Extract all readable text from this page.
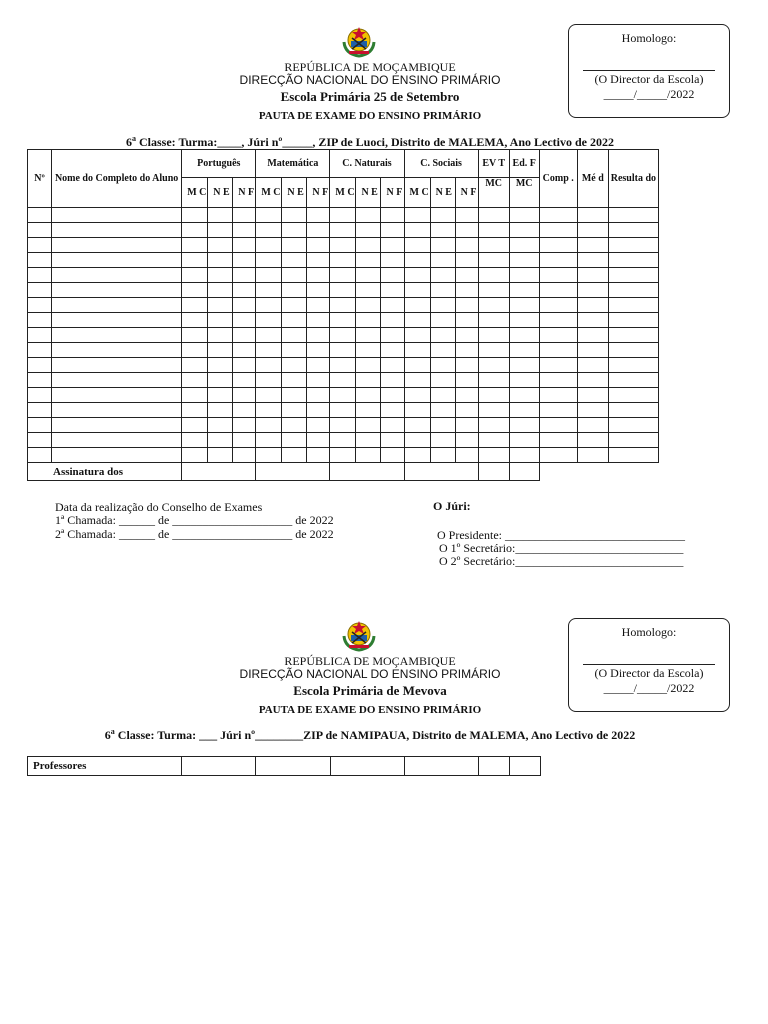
REPÚBLICA DE MOÇAMBIQUE
DIRECÇÃO NACIONAL DO ENSINO PRIMÁRIO
Escola Primária 25 de Setembro
PAUTA DE EXAME DO ENSINO PRIMÁRIO
6$^a$ Classe: Turma:____, Júri nº_____, ZIP de Luoci, Distrito de MALEMA, Ano Lectivo de 2022
Homologo:
(O Director da Escola)
_____/_____/2022
Nº	Nome do Completo do Aluno	Português			Matemática			C. Naturais			C. Sociais			EV T	Ed. F	Comp .	Mé d	Resulta do
		M C	N E	N F	M C	N E	N F	M C	N E	N F	M C	N E	N F	MC	MC			

Assinatura dos																		
Data da realização do Conselho de Exames
1ª Chamada: ______ de ____________________ de 2022
2ª Chamada: ______ de ____________________ de 2022
O Júri:
O Presidente: ______________________________
O 1º Secretário:____________________________
O 2º Secretário:____________________________
REPÚBLICA DE MOÇAMBIQUE
DIRECÇÃO NACIONAL DO ENSINO PRIMÁRIO
Escola Primária de Mevova
PAUTA DE EXAME DO ENSINO PRIMÁRIO
6$^a$ Classe: Turma: ___ Júri nº________ZIP de NAMIPAUA, Distrito de MALEMA, Ano Lectivo de 2022
Homologo:
(O Director da Escola)
_____/_____/2022
Professores						
